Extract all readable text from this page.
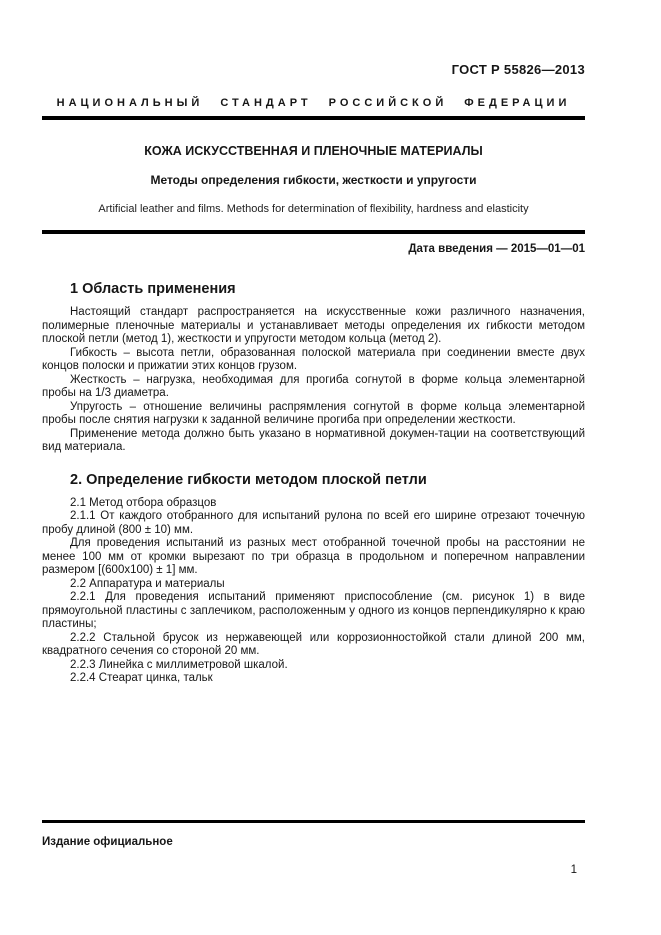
ГОСТ Р 55826—2013
НАЦИОНАЛЬНЫЙ СТАНДАРТ РОССИЙСКОЙ ФЕДЕРАЦИИ
КОЖА ИСКУССТВЕННАЯ И ПЛЕНОЧНЫЕ МАТЕРИАЛЫ
Методы определения гибкости, жесткости и упругости
Artificial leather and films. Methods for determination of flexibility, hardness and elasticity
Дата введения — 2015—01—01
1 Область применения

Настоящий стандарт распространяется на искусственные кожи различного назначения, полимерные пленочные материалы и устанавливает методы определения их гибкости методом плоской петли (метод 1), жесткости и упругости методом кольца (метод 2).

Гибкость – высота петли, образованная полоской материала при соединении вместе двух концов полоски и прижатии этих концов грузом.

Жесткость – нагрузка, необходимая для прогиба согнутой в форме кольца элементарной пробы на 1/3 диаметра.

Упругость – отношение величины распрямления согнутой в форме кольца элементарной пробы после снятия нагрузки к заданной величине прогиба при определении жесткости.

Применение метода должно быть указано в нормативной докумен-тации на соответствующий вид материала.

2. Определение гибкости методом плоской петли

2.1 Метод отбора образцов

2.1.1 От каждого отобранного для испытаний рулона по всей его ширине отрезают точечную пробу длиной (800 ± 10) мм.

Для проведения испытаний из разных мест отобранной точечной пробы на расстоянии не менее 100 мм от кромки вырезают по три образца в продольном и поперечном направлении размером [(600x100) ± 1] мм.

2.2 Аппаратура и материалы

2.2.1 Для проведения испытаний применяют приспособление (см. рисунок 1) в виде прямоугольной пластины с заплечиком, расположенным у одного из концов перпендикулярно к краю пластины;

2.2.2 Стальной брусок из нержавеющей или коррозионностойкой стали длиной 200 мм, квадратного сечения со стороной 20 мм.

2.2.3 Линейка с миллиметровой шкалой.

2.2.4 Стеарат цинка, тальк

Издание официальное
1
